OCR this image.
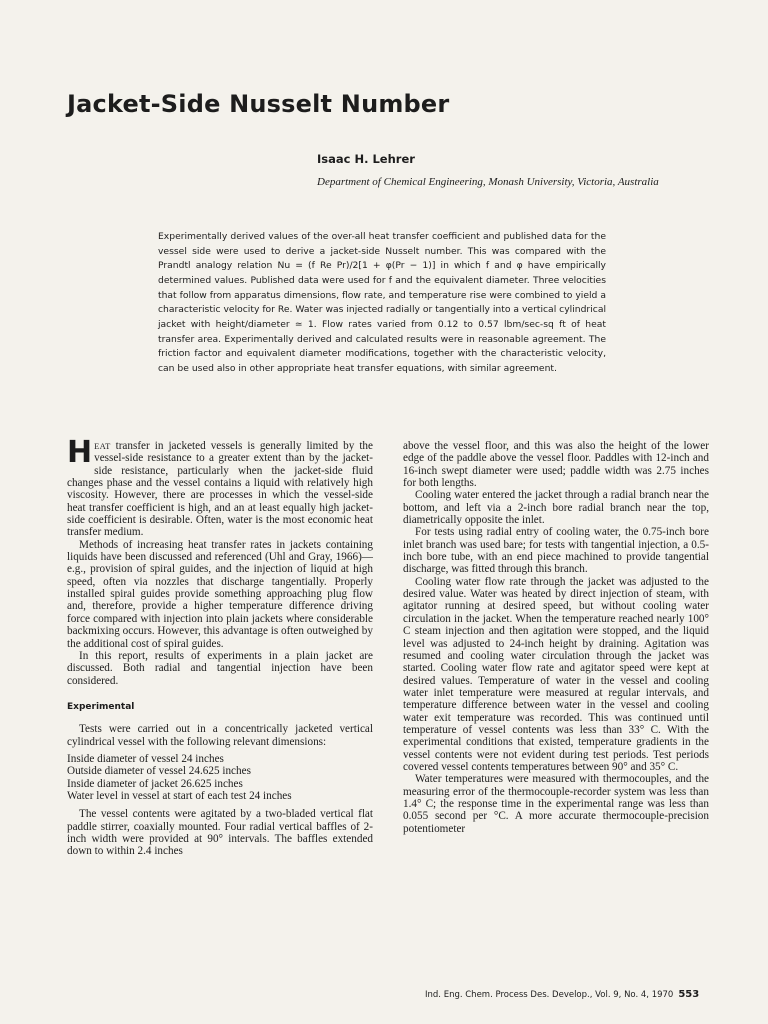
Jacket-Side Nusselt Number
Isaac H. Lehrer
Department of Chemical Engineering, Monash University, Victoria, Australia

Experimentally derived values of the over-all heat transfer coefficient and published data for the vessel side were used to derive a jacket-side Nusselt number. This was compared with the Prandtl analogy relation Nu = (f Re Pr)/2[1 + φ(Pr − 1)] in which f and φ have empirically determined values. Published data were used for f and the equivalent diameter. Three velocities that follow from apparatus dimensions, flow rate, and temperature rise were combined to yield a characteristic velocity for Re. Water was injected radially or tangentially into a vertical cylindrical jacket with height/diameter ≃ 1. Flow rates varied from 0.12 to 0.57 lbm/sec-sq ft of heat transfer area. Experimentally derived and calculated results were in reasonable agreement. The friction factor and equivalent diameter modifications, together with the characteristic velocity, can be used also in other appropriate heat transfer equations, with similar agreement.

HEAT transfer in jacketed vessels is generally limited by the vessel-side resistance to a greater extent than by the jacket-side resistance, particularly when the jacket-side fluid changes phase and the vessel contains a liquid with relatively high viscosity. However, there are processes in which the vessel-side heat transfer coefficient is high, and an at least equally high jacket-side coefficient is desirable. Often, water is the most economic heat transfer medium.

Methods of increasing heat transfer rates in jackets containing liquids have been discussed and referenced (Uhl and Gray, 1966)—e.g., provision of spiral guides, and the injection of liquid at high speed, often via nozzles that discharge tangentially. Properly installed spiral guides provide something approaching plug flow and, therefore, provide a higher temperature difference driving force compared with injection into plain jackets where considerable backmixing occurs. However, this advantage is often outweighed by the additional cost of spiral guides.

In this report, results of experiments in a plain jacket are discussed. Both radial and tangential injection have been considered.

Experimental

Tests were carried out in a concentrically jacketed vertical cylindrical vessel with the following relevant dimensions:

Inside diameter of vessel 24 inches
Outside diameter of vessel 24.625 inches
Inside diameter of jacket 26.625 inches
Water level in vessel at start of each test 24 inches

The vessel contents were agitated by a two-bladed vertical flat paddle stirrer, coaxially mounted. Four radial vertical baffles of 2-inch width were provided at 90° intervals. The baffles extended down to within 2.4 inches

above the vessel floor, and this was also the height of the lower edge of the paddle above the vessel floor. Paddles with 12-inch and 16-inch swept diameter were used; paddle width was 2.75 inches for both lengths.

Cooling water entered the jacket through a radial branch near the bottom, and left via a 2-inch bore radial branch near the top, diametrically opposite the inlet.

For tests using radial entry of cooling water, the 0.75-inch bore inlet branch was used bare; for tests with tangential injection, a 0.5-inch bore tube, with an end piece machined to provide tangential discharge, was fitted through this branch.

Cooling water flow rate through the jacket was adjusted to the desired value. Water was heated by direct injection of steam, with agitator running at desired speed, but without cooling water circulation in the jacket. When the temperature reached nearly 100° C steam injection and then agitation were stopped, and the liquid level was adjusted to 24-inch height by draining. Agitation was resumed and cooling water circulation through the jacket was started. Cooling water flow rate and agitator speed were kept at desired values. Temperature of water in the vessel and cooling water inlet temperature were measured at regular intervals, and temperature difference between water in the vessel and cooling water exit temperature was recorded. This was continued until temperature of vessel contents was less than 33° C. With the experimental conditions that existed, temperature gradients in the vessel contents were not evident during test periods. Test periods covered vessel contents temperatures between 90° and 35° C.

Water temperatures were measured with thermocouples, and the measuring error of the thermocouple-recorder system was less than 1.4° C; the response time in the experimental range was less than 0.055 second per °C. A more accurate thermocouple-precision potentiometer

Ind. Eng. Chem. Process Des. Develop., Vol. 9, No. 4, 1970 553
